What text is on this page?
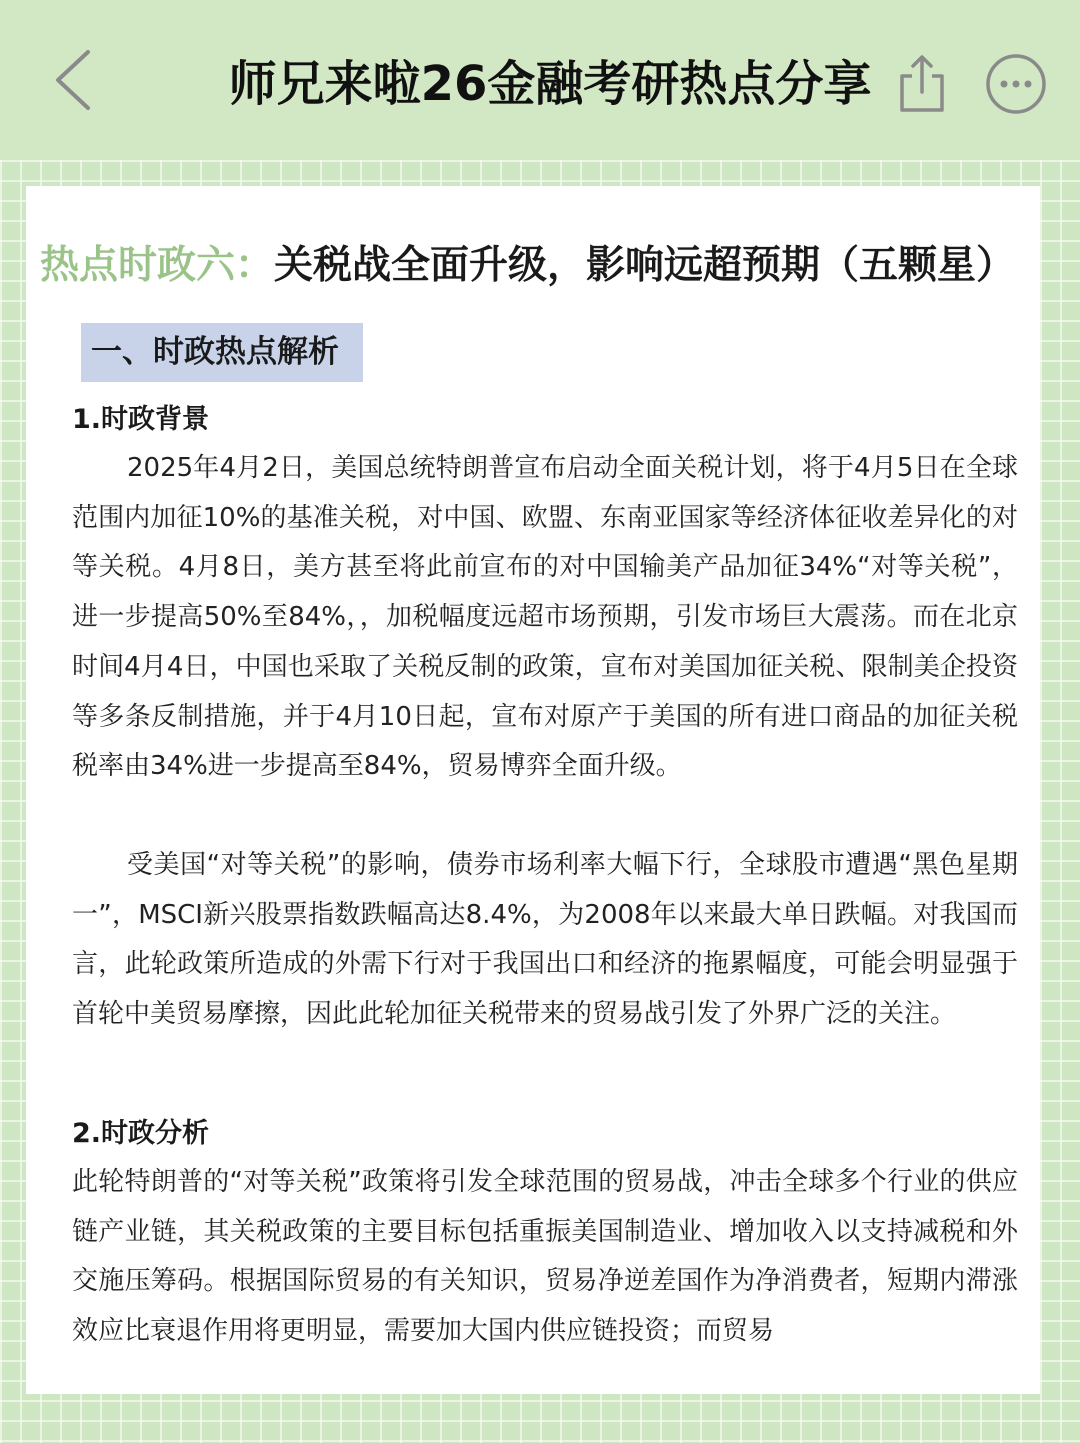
师兄来啦26金融考研热点分享
热点时政六：关税战全面升级，影响远超预期（五颗星）
一、时政热点解析
1.时政背景

2025年4月2日，美国总统特朗普宣布启动全面关税计划，将于4月5日在全球范围内加征10%的基准关税，对中国、欧盟、东南亚国家等经济体征收差异化的对等关税。4月8日，美方甚至将此前宣布的对中国输美产品加征34%“对等关税”，进一步提高50%至84%，，加税幅度远超市场预期，引发市场巨大震荡。而在北京时间4月4日，中国也采取了关税反制的政策，宣布对美国加征关税、限制美企投资等多条反制措施，并于4月10日起，宣布对原产于美国的所有进口商品的加征关税税率由34%进一步提高至84%，贸易博弈全面升级。

受美国“对等关税”的影响，债券市场利率大幅下行，全球股市遭遇“黑色星期一”，MSCI新兴股票指数跌幅高达8.4%，为2008年以来最大单日跌幅。对我国而言，此轮政策所造成的外需下行对于我国出口和经济的拖累幅度，可能会明显强于首轮中美贸易摩擦，因此此轮加征关税带来的贸易战引发了外界广泛的关注。

2.时政分析

此轮特朗普的“对等关税”政策将引发全球范围的贸易战，冲击全球多个行业的供应链产业链，其关税政策的主要目标包括重振美国制造业、增加收入以支持减税和外交施压筹码。根据国际贸易的有关知识，贸易净逆差国作为净消费者，短期内滞涨效应比衰退作用将更明显，需要加大国内供应链投资；而贸易
